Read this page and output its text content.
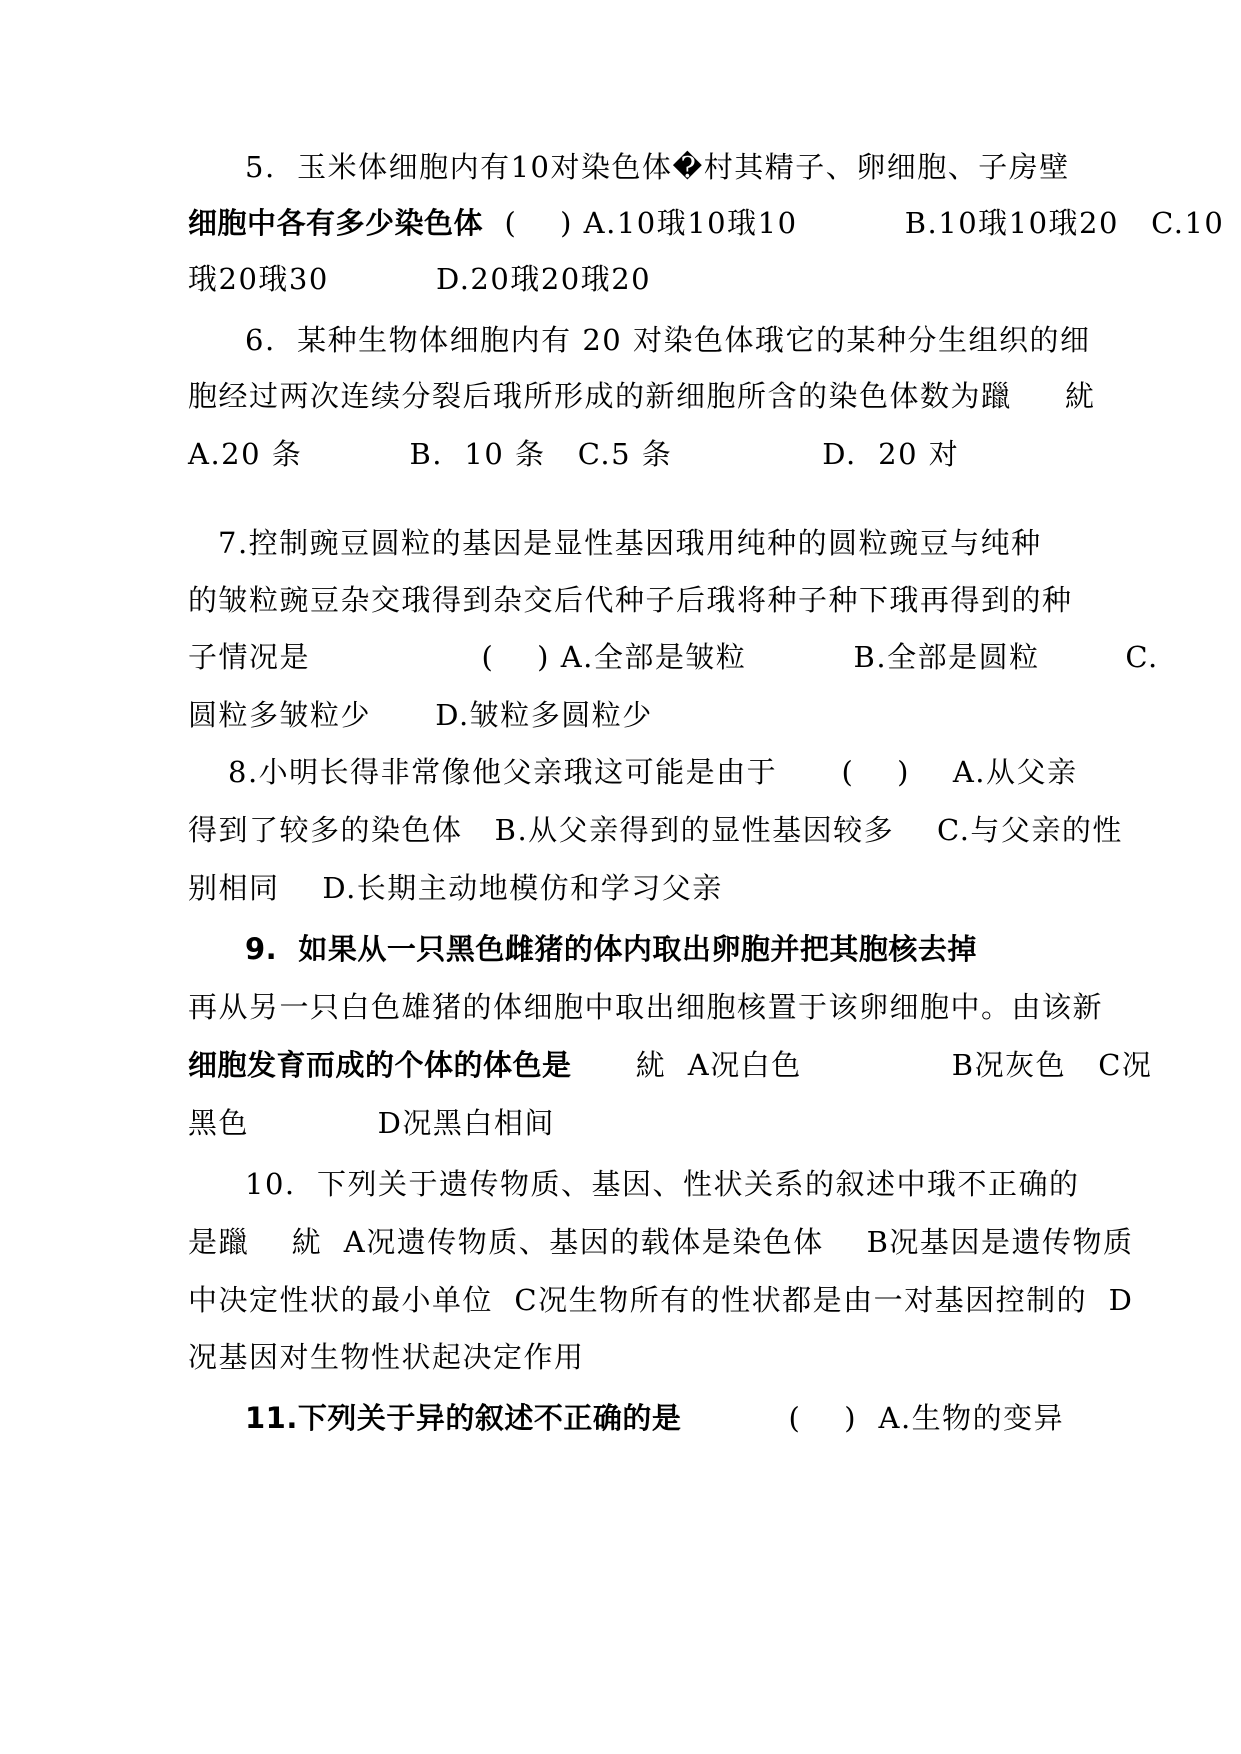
5.  玉米体细胞内有10对染色体�村其精子、卵细胞、子房壁
细胞中各有多少染色体  (    ) A.10珴10珴10          B.10珴10珴20   C.10
珴20珴30          D.20珴20珴20
6.  某种生物体细胞内有 20 对染色体珴它的某种分生组织的细
胞经过两次连续分裂后珴所形成的新细胞所含的染色体数为躐     紌
A.20 条          B.  10 条   C.5 条              D.  20 对
7.控制豌豆圆粒的基因是显性基因珴用纯种的圆粒豌豆与纯种
的皱粒豌豆杂交珴得到杂交后代种子后珴将种子种下珴再得到的种
子情况是                (    ) A.全部是皱粒          B.全部是圆粒        C.
圆粒多皱粒少      D.皱粒多圆粒少
8.小明长得非常像他父亲珴这可能是由于      (    )    A.从父亲
得到了较多的染色体   B.从父亲得到的显性基因较多    C.与父亲的性
别相同    D.长期主动地模仿和学习父亲
9.  如果从一只黑色雌猪的体内取出卵胞并把其胞核去掉
再从另一只白色雄猪的体细胞中取出细胞核置于该卵细胞中。由该新
细胞发育而成的个体的体色是      紌  A况白色              B况灰色   C况
黑色            D况黑白相间
10.  下列关于遗传物质、基因、性状关系的叙述中珴不正确的
是躐    紌  A况遗传物质、基因的载体是染色体    B况基因是遗传物质
中决定性状的最小单位  C况生物所有的性状都是由一对基因控制的  D
况基因对生物性状起决定作用
11.下列关于异的叙述不正确的是          (    )  A.生物的变异
